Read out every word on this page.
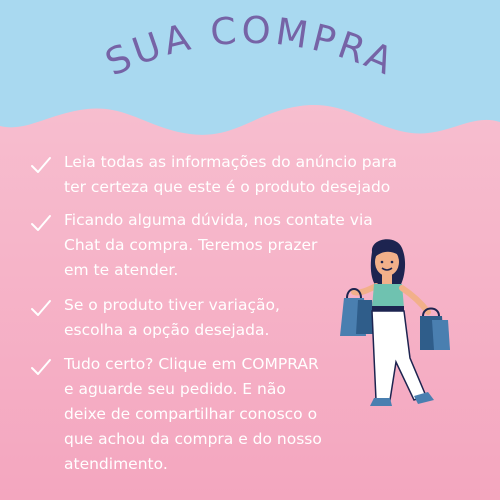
SUA COMPRA
Leia todas as informações do anúncio para
ter certeza que este é o produto desejado
Ficando alguma dúvida, nos contate via
Chat da compra. Teremos prazer
em te atender.
Se o produto tiver variação,
escolha a opção desejada.
Tudo certo? Clique em COMPRAR
e aguarde seu pedido. E não
deixe de compartilhar conosco o
que achou da compra e do nosso
atendimento.
